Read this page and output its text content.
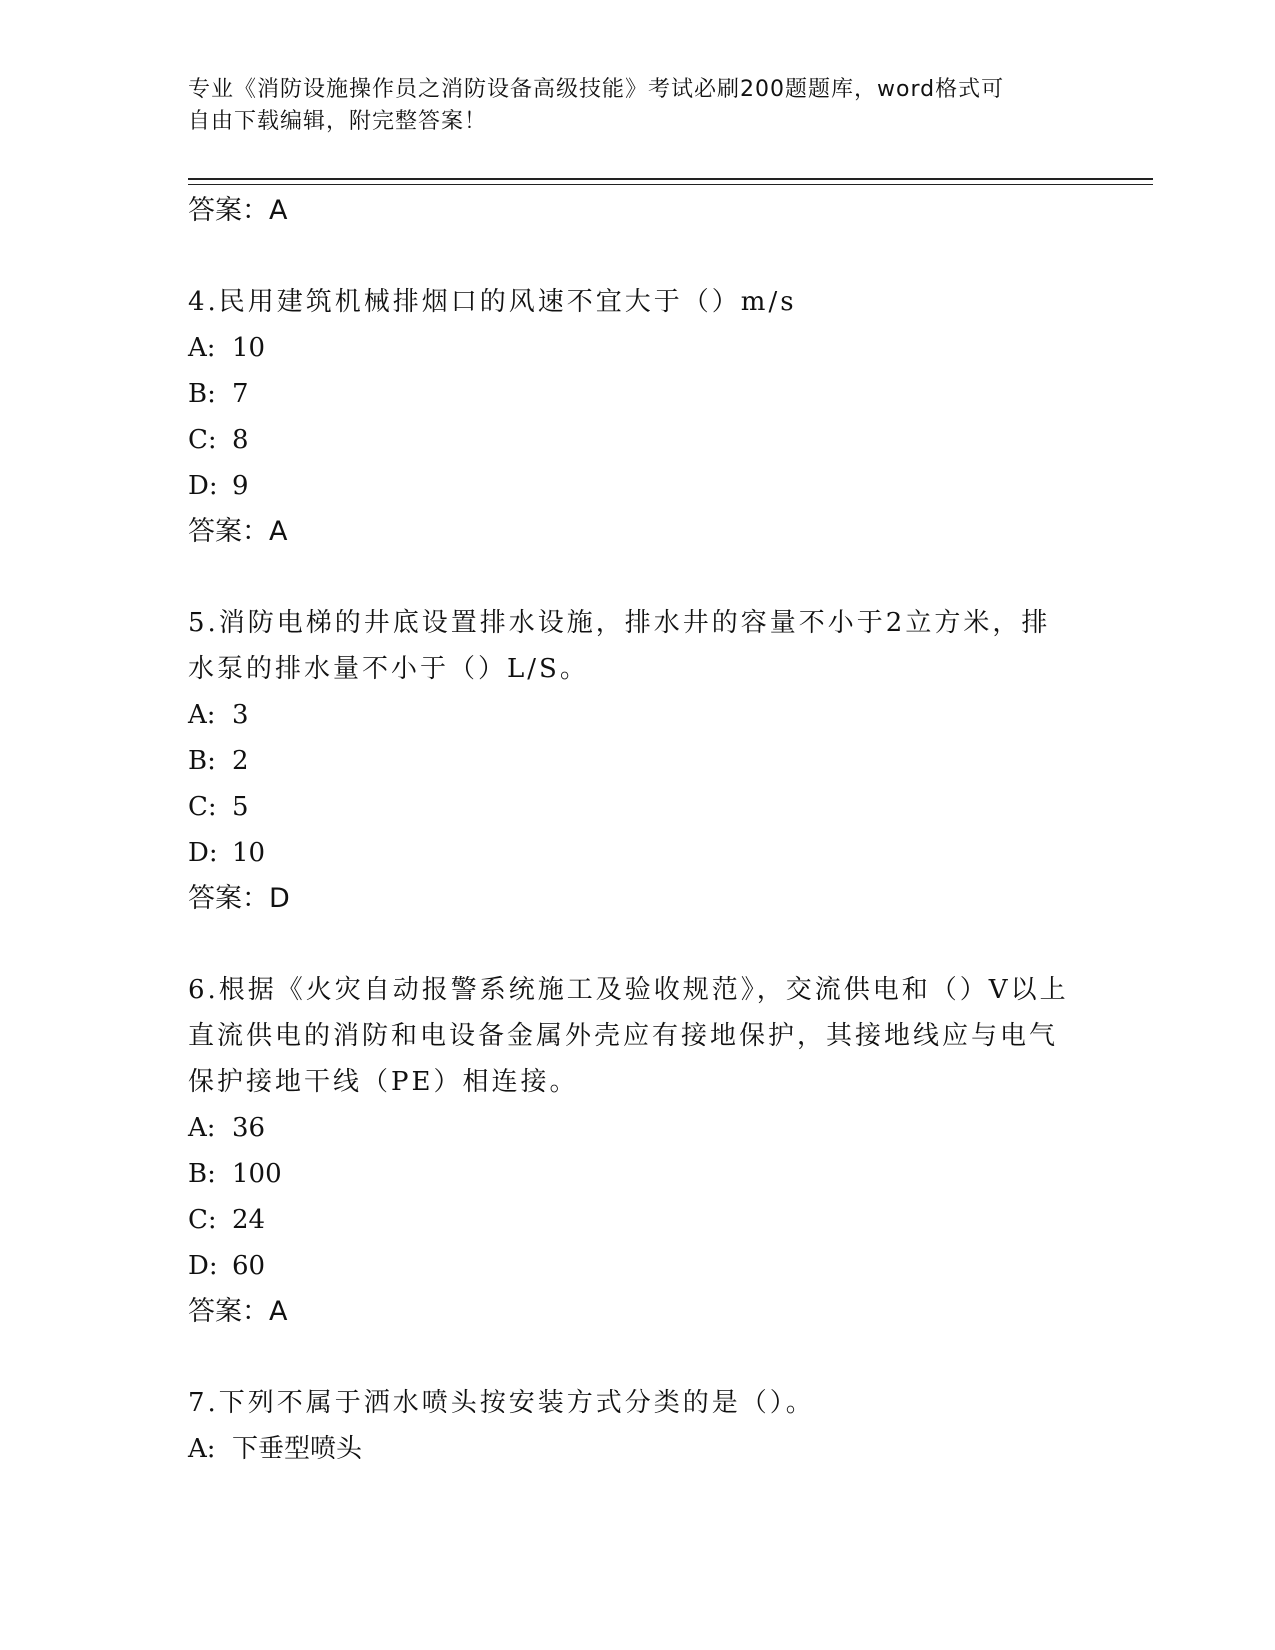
专业《消防设施操作员之消防设备高级技能》考试必刷200题题库，word格式可
自由下载编辑，附完整答案！
答案：A
4.民用建筑机械排烟口的风速不宜大于（）m/s
A: 10
B: 7
C: 8
D: 9
答案：A
5.消防电梯的井底设置排水设施，排水井的容量不小于2立方米，排
水泵的排水量不小于（）L/S。
A: 3
B: 2
C: 5
D: 10
答案：D
6.根据《火灾自动报警系统施工及验收规范》，交流供电和（）V以上
直流供电的消防和电设备金属外壳应有接地保护，其接地线应与电气
保护接地干线（PE）相连接。
A: 36
B: 100
C: 24
D: 60
答案：A
7.下列不属于洒水喷头按安装方式分类的是（）。
A: 下垂型喷头
